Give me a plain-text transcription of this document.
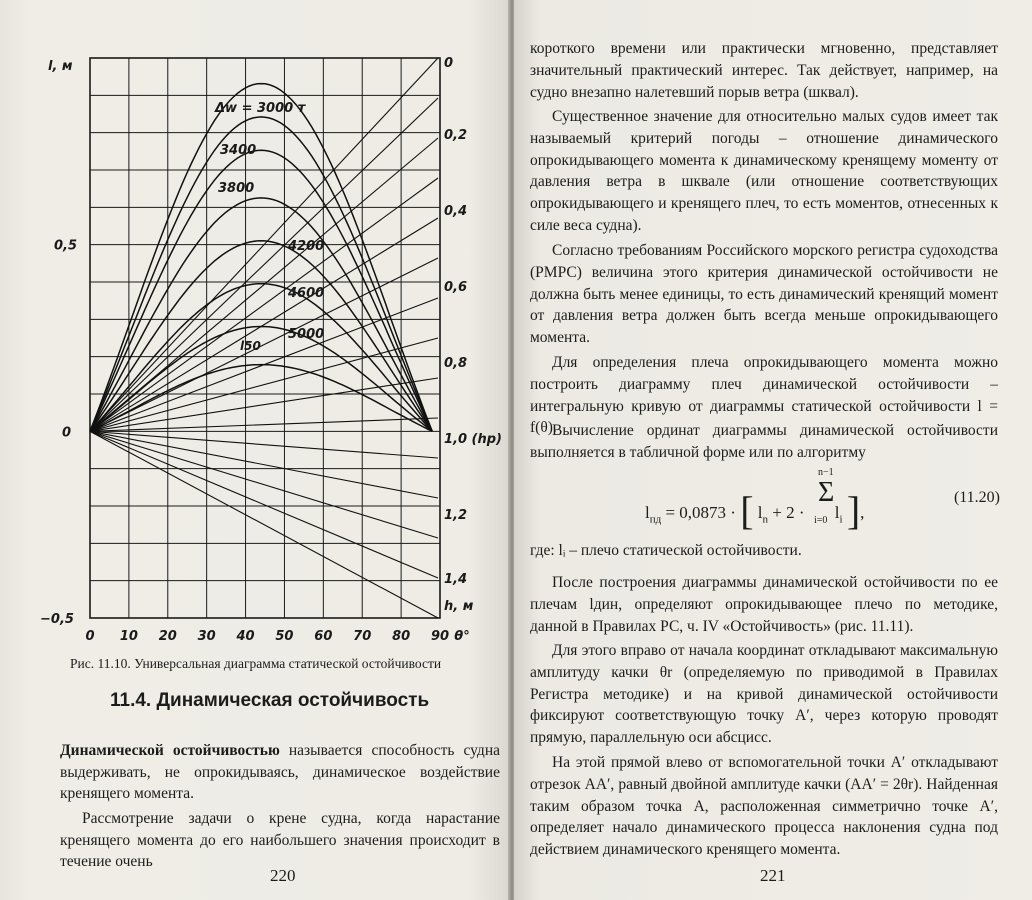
l, м
0,5
0
−0,5
0
0,2
0,4
0,6
0,8
1,0 (hp)
1,2
1,4
h, м
0 10 20 30 40 50 60 70 80 90 θ°
Δw = 3000 т
3400
3800
4200
4600
5000
l50
Рис. 11.10. Универсальная диаграмма статической остойчивости
11.4. Динамическая остойчивость

Динамической остойчивостью называется способность судна выдерживать, не опрокидываясь, динамическое воздействие кренящего момента.

Рассмотрение задачи о крене судна, когда нарастание кренящего момента до его наибольшего значения происходит в течение очень

220

короткого времени или практически мгновенно, представляет значительный практический интерес. Так действует, например, на судно внезапно налетевший порыв ветра (шквал).

Существенное значение для относительно малых судов имеет так называемый критерий погоды – отношение динамического опрокидывающего момента к динамическому кренящему моменту от давления ветра в шквале (или отношение соответствующих опрокидывающего и кренящего плеч, то есть моментов, отнесенных к силе веса судна).

Согласно требованиям Российского морского регистра судоходства (РМРС) величина этого критерия динамической остойчивости не должна быть менее единицы, то есть динамический кренящий момент от давления ветра должен быть всегда меньше опрокидывающего момента.

Для определения плеча опрокидывающего момента можно построить диаграмму плеч динамической остойчивости – интегральную кривую от диаграммы статической остойчивости l = f(θ).

Вычисление ординат диаграммы динамической остойчивости выполняется в табличной форме или по алгоритму

$l_{пд} = 0,0873$ · [ $l_n + 2 \cdot l_i$ ],
n−1
Σ
i=0
(11.20)

где: lᵢ – плечо статической остойчивости.

После построения диаграммы динамической остойчивости по ее плечам lдин, определяют опрокидывающее плечо по методике, данной в Правилах РС, ч. IV «Остойчивость» (рис. 11.11).

Для этого вправо от начала координат откладывают максимальную амплитуду качки θr (определяемую по приводимой в Правилах Регистра методике) и на кривой динамической остойчивости фиксируют соответствующую точку A′, через которую проводят прямую, параллельную оси абсцисс.

На этой прямой влево от вспомогательной точки A′ откладывают отрезок AA′, равный двойной амплитуде качки (AA′ = 2θr). Найденная таким образом точка A, расположенная симметрично точке A′, определяет начало динамического процесса наклонения судна под действием динамического кренящего момента.

221
